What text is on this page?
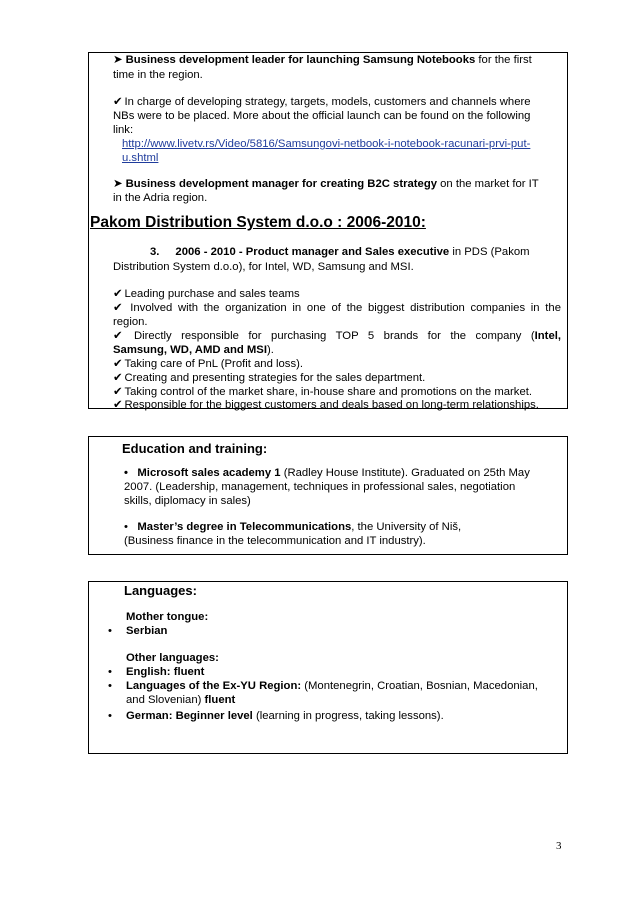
➤ Business development leader for launching Samsung Notebooks for the first
time in the region.
✔ In charge of developing strategy, targets, models, customers and channels where
NBs were to be placed. More about the official launch can be found on the following
link:
http://www.livetv.rs/Video/5816/Samsungovi-netbook-i-notebook-racunari-prvi-put-
u.shtml
➤ Business development manager for creating B2C strategy on the market for IT
in the Adria region.
Pakom Distribution System d.o.o : 2006-2010:
3. 2006 - 2010 - Product manager and Sales executive in PDS (Pakom
Distribution System d.o.o), for Intel, WD, Samsung and MSI.
✔ Leading purchase and sales teams
✔ Involved with the organization in one of the biggest distribution companies in the
region.
✔ Directly responsible for purchasing TOP 5 brands for the company (Intel,
Samsung, WD, AMD and MSI).
✔ Taking care of PnL (Profit and loss).
✔ Creating and presenting strategies for the sales department.
✔ Taking control of the market share, in-house share and promotions on the market.
✔ Responsible for the biggest customers and deals based on long-term relationships.
Education and training:
• Microsoft sales academy 1 (Radley House Institute). Graduated on 25th May
2007. (Leadership, management, techniques in professional sales, negotiation
skills, diplomacy in sales)
• Master’s degree in Telecommunications, the University of Niš,
(Business finance in the telecommunication and IT industry).
Languages:
Mother tongue:
• Serbian
Other languages:
• English: fluent
• Languages of the Ex-YU Region: (Montenegrin, Croatian, Bosnian, Macedonian,
and Slovenian) fluent
• German: Beginner level (learning in progress, taking lessons).
3
